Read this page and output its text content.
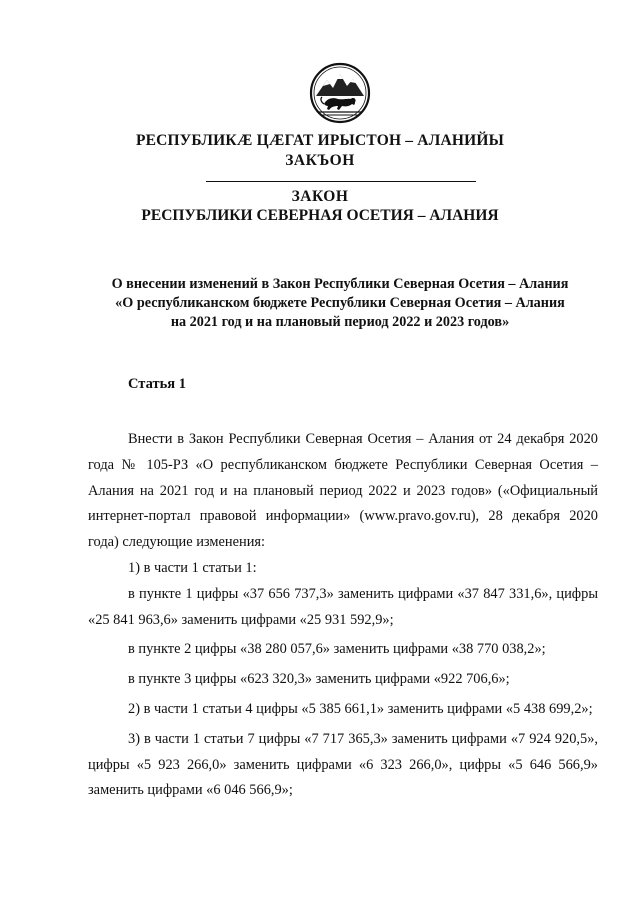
РЕСПУБЛИКӔ ЦӔГАТ ИРЫСТОН – АЛАНИЙЫ
ЗАКЪОН
ЗАКОН
РЕСПУБЛИКИ СЕВЕРНАЯ ОСЕТИЯ – АЛАНИЯ
О внесении изменений в Закон Республики Северная Осетия – Алания
«О республиканском бюджете Республики Северная Осетия – Алания
на 2021 год и на плановый период 2022 и 2023 годов»
Статья 1
Внести в Закон Республики Северная Осетия – Алания от 24 декабря 2020 года № 105-РЗ «О республиканском бюджете Республики Северная Осетия – Алания на 2021 год и на плановый период 2022 и 2023 годов» («Официальный интернет-портал правовой информации» (www.pravo.gov.ru), 28 декабря 2020 года) следующие изменения:
1) в части 1 статьи 1:
в пункте 1 цифры «37 656 737,3» заменить цифрами «37 847 331,6», цифры «25 841 963,6» заменить цифрами «25 931 592,9»;
в пункте 2 цифры «38 280 057,6» заменить цифрами «38 770 038,2»;
в пункте 3 цифры «623 320,3» заменить цифрами «922 706,6»;
2) в части 1 статьи 4 цифры «5 385 661,1» заменить цифрами «5 438 699,2»;
3) в части 1 статьи 7 цифры «7 717 365,3» заменить цифрами «7 924 920,5», цифры «5 923 266,0» заменить цифрами «6 323 266,0», цифры «5 646 566,9» заменить цифрами «6 046 566,9»;
